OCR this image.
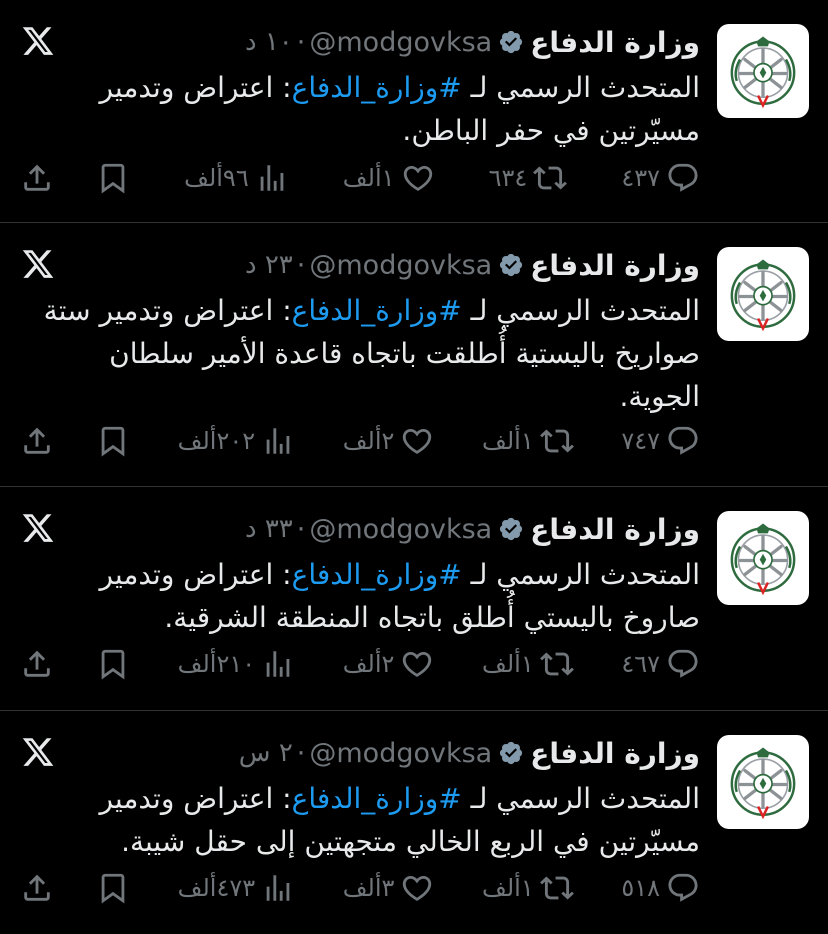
وزارة الدفاع
@modgovksa
·
١٠ د
المتحدث الرسمي لـ #وزارة_الدفاع: اعتراض وتدمير مسيّرتين في حفر الباطن.
٤٣٧
٦٣٤
١ألف
٩٦ألف
وزارة الدفاع
@modgovksa
·
٢٣ د
المتحدث الرسمي لـ #وزارة_الدفاع: اعتراض وتدمير ستة صواريخ باليستية أُطلقت باتجاه قاعدة الأمير سلطان الجوية.
٧٤٧
١ألف
٢ألف
٢٠٢ألف
وزارة الدفاع
@modgovksa
·
٣٣ د
المتحدث الرسمي لـ #وزارة_الدفاع: اعتراض وتدمير صاروخ باليستي أُطلق باتجاه المنطقة الشرقية.
٤٦٧
١ألف
٢ألف
٢١٠ألف
وزارة الدفاع
@modgovksa
·
٢ س
المتحدث الرسمي لـ #وزارة_الدفاع: اعتراض وتدمير مسيّرتين في الربع الخالي متجهتين إلى حقل شيبة.
٥١٨
١ألف
٣ألف
٤٧٣ألف
